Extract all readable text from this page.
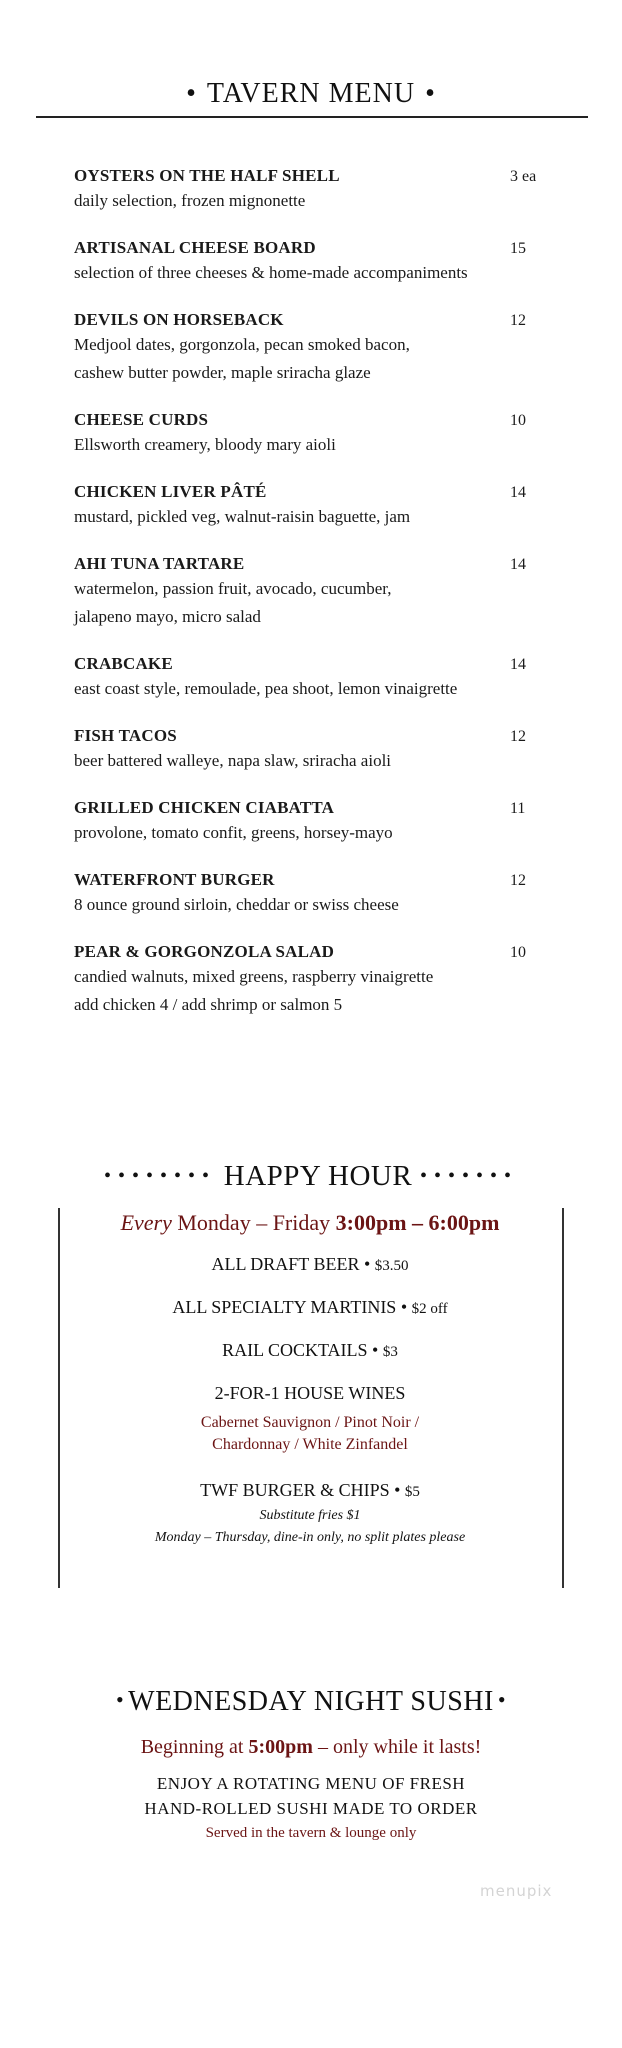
• TAVERN MENU •
OYSTERS ON THE HALF SHELL	3 ea
daily selection, frozen mignonette
ARTISANAL CHEESE BOARD	15
selection of three cheeses & home-made accompaniments
DEVILS ON HORSEBACK	12
Medjool dates, gorgonzola, pecan smoked bacon,
cashew butter powder, maple sriracha glaze
CHEESE CURDS	10
Ellsworth creamery, bloody mary aioli
CHICKEN LIVER PÂTÉ	14
mustard, pickled veg, walnut-raisin baguette, jam
AHI TUNA TARTARE	14
watermelon, passion fruit, avocado, cucumber,
jalapeno mayo, micro salad
CRABCAKE	14
east coast style, remoulade, pea shoot, lemon vinaigrette
FISH TACOS	12
beer battered walleye, napa slaw, sriracha aioli
GRILLED CHICKEN CIABATTA	11
provolone, tomato confit, greens, horsey-mayo
WATERFRONT BURGER	12
8 ounce ground sirloin, cheddar or swiss cheese
PEAR & GORGONZOLA SALAD	10
candied walnuts, mixed greens, raspberry vinaigrette
add chicken 4 / add shrimp or salmon 5
•••••••• HAPPY HOUR •••••••
Every Monday – Friday 3:00pm – 6:00pm
ALL DRAFT BEER • $3.50
ALL SPECIALTY MARTINIS • $2 off
RAIL COCKTAILS • $3
2-FOR-1 HOUSE WINES
Cabernet Sauvignon / Pinot Noir /
Chardonnay / White Zinfandel
TWF BURGER & CHIPS • $5
Substitute fries $1
Monday – Thursday, dine-in only, no split plates please
• WEDNESDAY NIGHT SUSHI •
Beginning at 5:00pm – only while it lasts!
ENJOY A ROTATING MENU OF FRESH
HAND-ROLLED SUSHI MADE TO ORDER
Served in the tavern & lounge only
menupix
